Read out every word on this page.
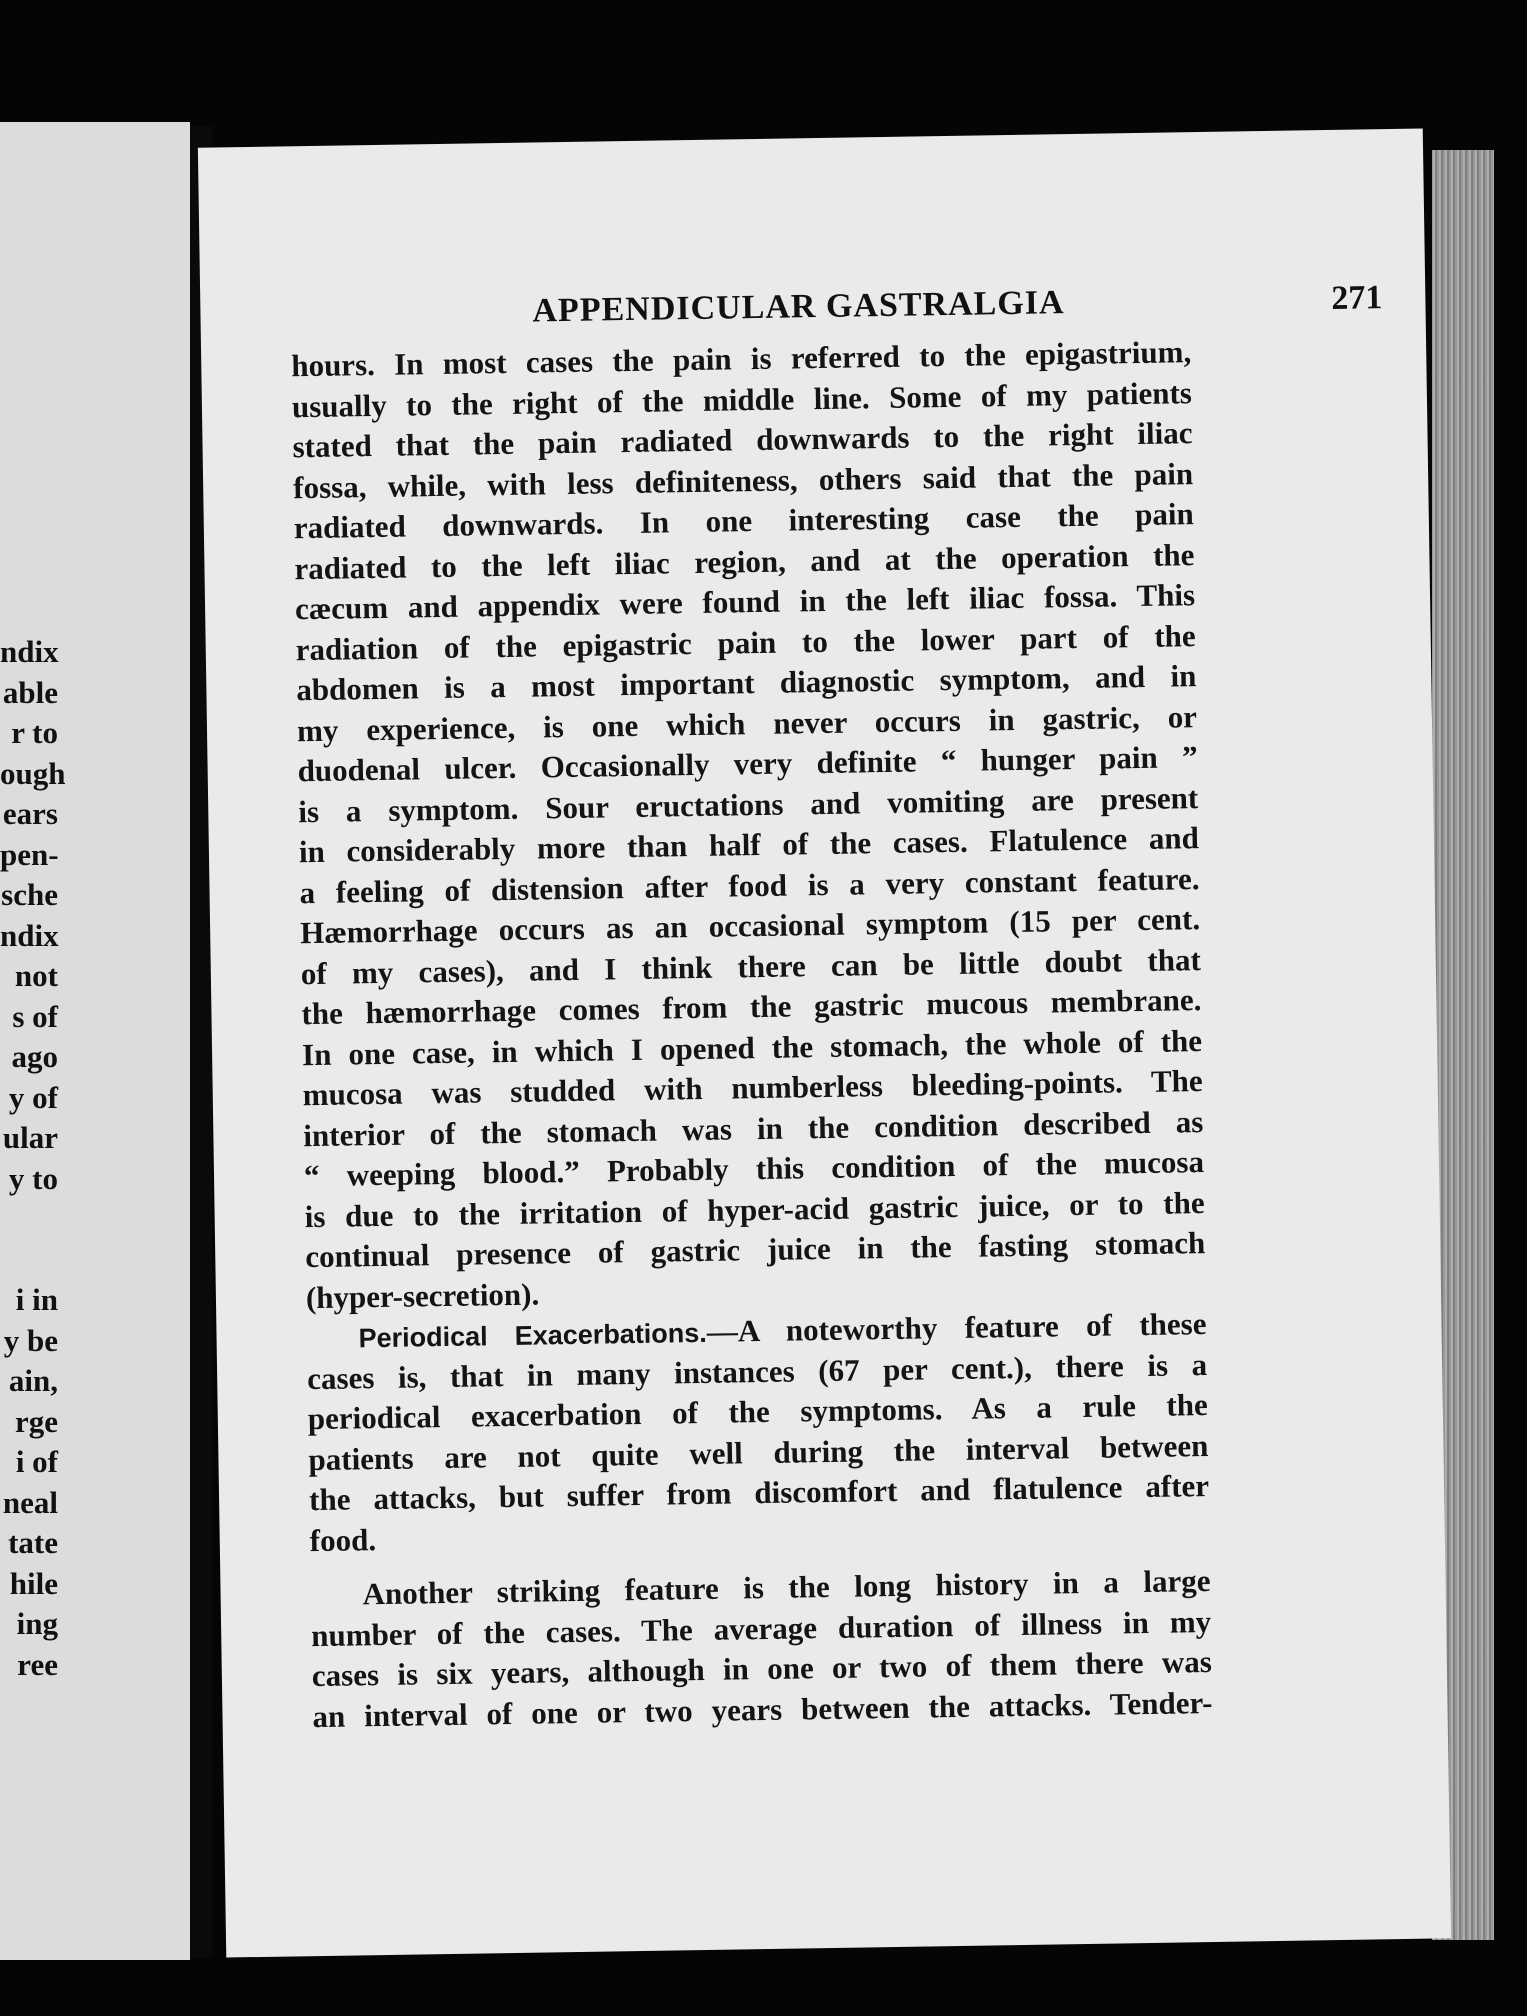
ndix
able
r to
ough
ears
pen-
sche
ndix
not
s of
ago
y of
ular
y to
i in
y be
ain,
rge
i of
neal
tate
hile
ing
ree
APPENDICULAR GASTRALGIA	271
hours. In most cases the pain is referred to the epigastrium,
usually to the right of the middle line. Some of my patients
stated that the pain radiated downwards to the right iliac
fossa, while, with less definiteness, others said that the pain
radiated downwards. In one interesting case the pain
radiated to the left iliac region, and at the operation the
cæcum and appendix were found in the left iliac fossa. This
radiation of the epigastric pain to the lower part of the
abdomen is a most important diagnostic symptom, and in
my experience, is one which never occurs in gastric, or
duodenal ulcer. Occasionally very definite “ hunger pain ”
is a symptom. Sour eructations and vomiting are present
in considerably more than half of the cases. Flatulence and
a feeling of distension after food is a very constant feature.
Hæmorrhage occurs as an occasional symptom (15 per cent.
of my cases), and I think there can be little doubt that
the hæmorrhage comes from the gastric mucous membrane.
In one case, in which I opened the stomach, the whole of the
mucosa was studded with numberless bleeding-points. The
interior of the stomach was in the condition described as
“ weeping blood.” Probably this condition of the mucosa
is due to the irritation of hyper-acid gastric juice, or to the
continual presence of gastric juice in the fasting stomach
(hyper-secretion).
Periodical Exacerbations.—A noteworthy feature of these
cases is, that in many instances (67 per cent.), there is a
periodical exacerbation of the symptoms. As a rule the
patients are not quite well during the interval between
the attacks, but suffer from discomfort and flatulence after
food.
Another striking feature is the long history in a large
number of the cases. The average duration of illness in my
cases is six years, although in one or two of them there was
an interval of one or two years between the attacks. Tender-
